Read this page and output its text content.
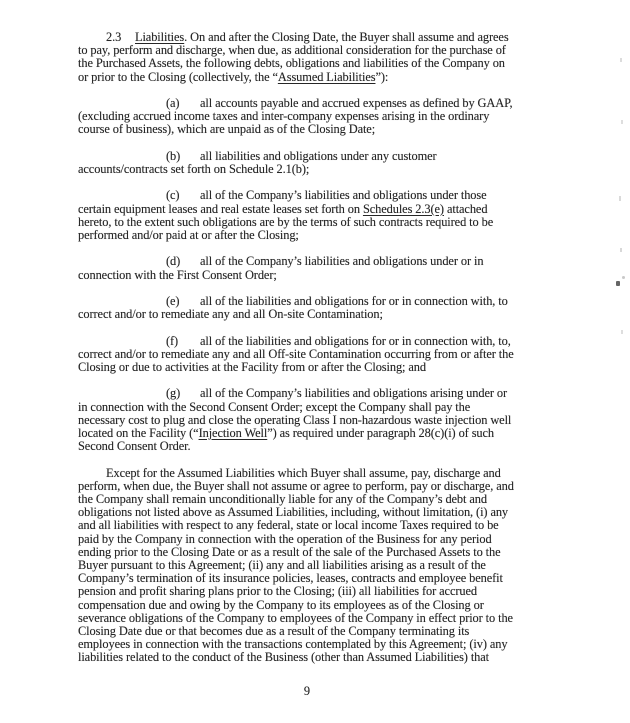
2.3 Liabilities. On and after the Closing Date, the Buyer shall assume and agrees to pay, perform and discharge, when due, as additional consideration for the purchase of the Purchased Assets, the following debts, obligations and liabilities of the Company on or prior to the Closing (collectively, the “Assumed Liabilities”):

(a) all accounts payable and accrued expenses as defined by GAAP, (excluding accrued income taxes and inter-company expenses arising in the ordinary course of business), which are unpaid as of the Closing Date;

(b) all liabilities and obligations under any customer accounts/contracts set forth on Schedule 2.1(b);

(c) all of the Company’s liabilities and obligations under those certain equipment leases and real estate leases set forth on Schedules 2.3(e) attached hereto, to the extent such obligations are by the terms of such contracts required to be performed and/or paid at or after the Closing;

(d) all of the Company’s liabilities and obligations under or in connection with the First Consent Order;

(e) all of the liabilities and obligations for or in connection with, to correct and/or to remediate any and all On-site Contamination;

(f) all of the liabilities and obligations for or in connection with, to, correct and/or to remediate any and all Off-site Contamination occurring from or after the Closing or due to activities at the Facility from or after the Closing; and

(g) all of the Company’s liabilities and obligations arising under or in connection with the Second Consent Order; except the Company shall pay the necessary cost to plug and close the operating Class I non-hazardous waste injection well located on the Facility (“Injection Well”) as required under paragraph 28(c)(i) of such Second Consent Order.

Except for the Assumed Liabilities which Buyer shall assume, pay, discharge and perform, when due, the Buyer shall not assume or agree to perform, pay or discharge, and the Company shall remain unconditionally liable for any of the Company’s debt and obligations not listed above as Assumed Liabilities, including, without limitation, (i) any and all liabilities with respect to any federal, state or local income Taxes required to be paid by the Company in connection with the operation of the Business for any period ending prior to the Closing Date or as a result of the sale of the Purchased Assets to the Buyer pursuant to this Agreement; (ii) any and all liabilities arising as a result of the Company’s termination of its insurance policies, leases, contracts and employee benefit pension and profit sharing plans prior to the Closing; (iii) all liabilities for accrued compensation due and owing by the Company to its employees as of the Closing or severance obligations of the Company to employees of the Company in effect prior to the Closing Date due or that becomes due as a result of the Company terminating its employees in connection with the transactions contemplated by this Agreement; (iv) any liabilities related to the conduct of the Business (other than Assumed Liabilities) that

9
